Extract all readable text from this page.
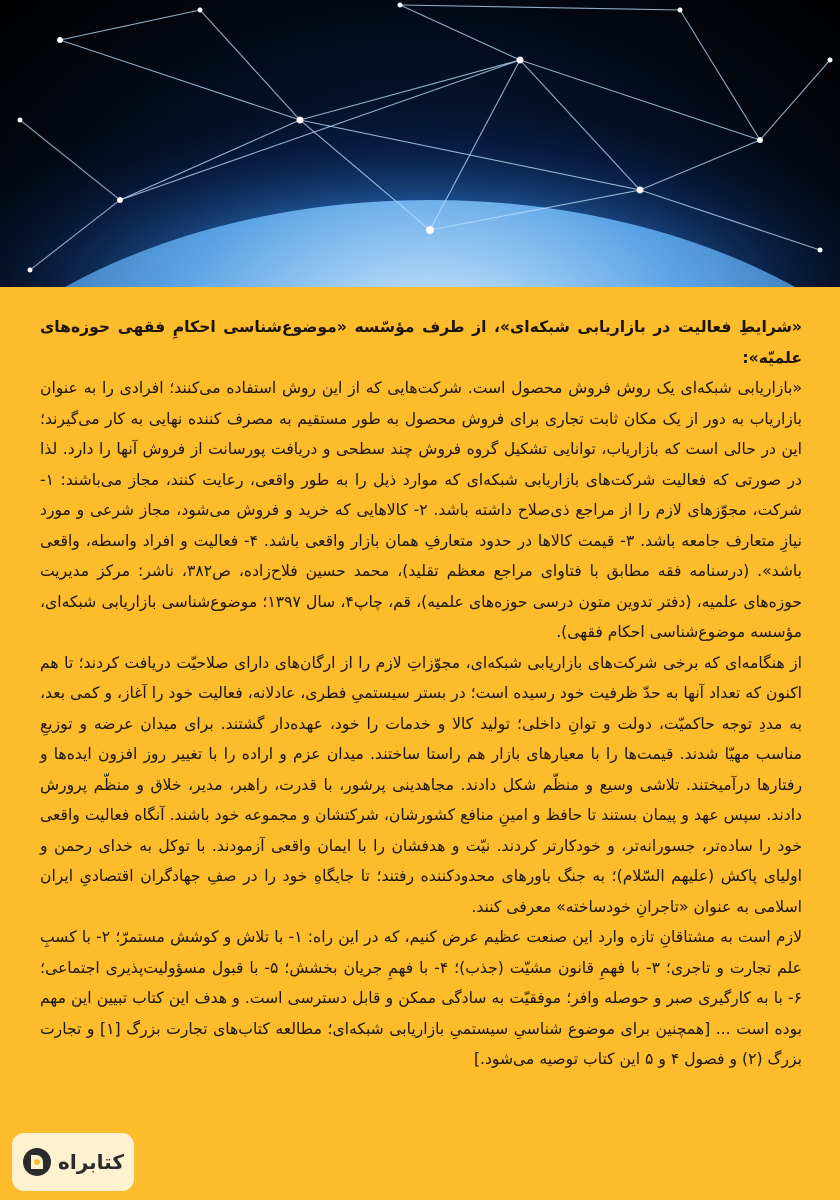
«شرایطِ فعالیت در بازاریابی شبکه‌ای»، از طرف مؤسّسه «موضوع‌شناسی احکامِ فقهی حوزه‌های علمیّه»:

«بازاریابی شبکه‌ای یک روش فروش محصول است. شرکت‌هایی که از این روش استفاده می‌کنند؛ افرادی را به عنوان بازاریاب به دور از یک مکان ثابت تجاری برای فروش محصول به طور مستقیم به مصرف کننده نهایی به کار می‌گیرند؛ این در حالی است که بازاریاب، توانایی تشکیل گروه فروش چند سطحی و دریافت پورسانت از فروش آنها را دارد. لذا در صورتی که فعالیت شرکت‌های بازاریابی شبکه‌ای که موارد ذیل را به طور واقعی، رعایت کنند، مجاز می‌باشند: ۱- شرکت، مجوّزهای لازم را از مراجع ذی‌صلاح داشته باشد. ۲- کالاهایی که خرید و فروش می‌شود، مجاز شرعی و مورد نیازِ متعارف جامعه باشد. ۳- قیمت کالاها در حدود متعارفِ همان بازار واقعی باشد. ۴- فعالیت و افراد واسطه، واقعی باشد». (درسنامه فقه مطابق با فتاوای مراجع معظم تقلید)، محمد حسین فلاح‌زاده، ص۳۸۲، ناشر: مرکز مدیریت حوزه‌های علمیه، (دفتر تدوین متون درسی حوزه‌های علمیه)، قم، چاپ۴، سال ۱۳۹۷؛ موضوع‌شناسی بازاریابی شبکه‌ای، مؤسسه موضوع‌شناسی احکام فقهی).

از هنگامه‌ای که برخی شرکت‌های بازاریابی شبکه‌ای، مجوّزاتِ لازم را از ارگان‌های دارای صلاحیّت دریافت کردند؛ تا هم اکنون که تعداد آنها به حدّ ظرفیت خود رسیده است؛ در بستر سیستمیِ فطری، عادلانه، فعالیت خود را آغاز، و کمی بعد، به مددِ توجه حاکمیّت، دولت و توانِ داخلی؛ تولید کالا و خدمات را خود، عهده‌دار گشتند. برای میدان عرضه و توزیعِ مناسب مهیّا شدند. قیمت‌ها را با معیارهای بازار هم راستا ساختند. میدان عزم و اراده را با تغییر روز افزون ایده‌ها و رفتارها درآمیختند. تلاشی وسیع و منظّم شکل دادند. مجاهدینی پرشور، با قدرت، راهبر، مدیر، خلاق و منظّم پرورش دادند. سپس عهد و پیمان بستند تا حافظ و امینِ منافع کشورشان، شرکتشان و مجموعه خود باشند. آنگاه فعالیت واقعی خود را ساده‌تر، جسورانه‌تر، و خودکارتر کردند. نیّت و هدفشان را با ایمان واقعی آزمودند. با توکل به خدای رحمن و اولیای پاکش (علیهم السّلام)؛ به جنگ باورهای محدودکننده رفتند؛ تا جایگاهِ خود را در صفِ جهادگران اقتصادیِ ایران اسلامی به عنوان «تاجرانِ خودساخته» معرفی کنند.

لازم است به مشتاقانِ تازه وارد این صنعت عظیم عرض کنیم، که در این راه: ۱- با تلاش و کوشش مستمرّ؛ ۲- با کسبِ علم تجارت و تاجری؛ ۳- با فهمِ قانون مشیّت (جذب)؛ ۴- با فهمِ جریان بخشش؛ ۵- با قبول مسؤولیت‌پذیری اجتماعی؛ ۶- با به کارگیری صبر و حوصله وافر؛ موفقیّت به سادگی ممکن و قابل دسترسی است. و هدف این کتاب تبیین این مهم بوده است ... [همچنین برای موضوع شناسیِ سیستمیِ بازاریابی شبکه‌ای؛ مطالعه کتاب‌های تجارت بزرگ [۱] و تجارت بزرگ (۲) و فصول ۴ و ۵ این کتاب توصیه می‌شود.]

کتابراه
